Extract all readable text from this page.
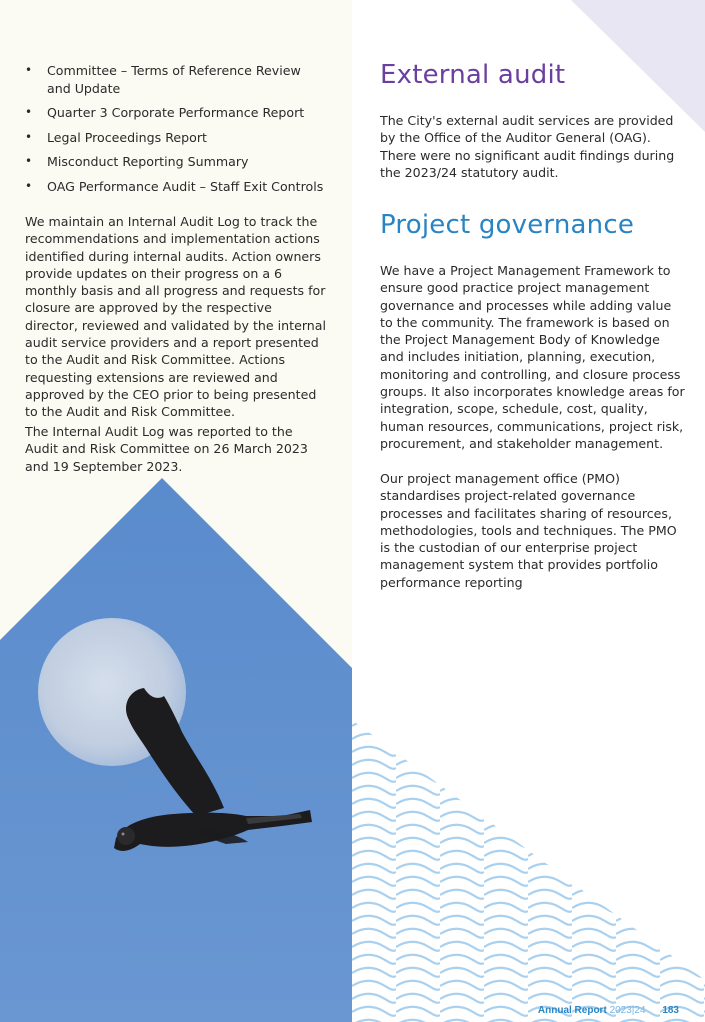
• Committee – Terms of Reference Review and Update
• Quarter 3 Corporate Performance Report
• Legal Proceedings Report
• Misconduct Reporting Summary
• OAG Performance Audit – Staff Exit Controls

We maintain an Internal Audit Log to track the recommendations and implementation actions identified during internal audits. Action owners provide updates on their progress on a 6 monthly basis and all progress and requests for closure are approved by the respective director, reviewed and validated by the internal audit service providers and a report presented to the Audit and Risk Committee. Actions requesting extensions are reviewed and approved by the CEO prior to being presented to the Audit and Risk Committee.

The Internal Audit Log was reported to the Audit and Risk Committee on 26 March 2023 and 19 September 2023.

External audit

The City's external audit services are provided by the Office of the Auditor General (OAG). There were no significant audit findings during the 2023/24 statutory audit.

Project governance

We have a Project Management Framework to ensure good practice project management governance and processes while adding value to the community. The framework is based on the Project Management Body of Knowledge and includes initiation, planning, execution, monitoring and controlling, and closure process groups. It also incorporates knowledge areas for integration, scope, schedule, cost, quality, human resources, communications, project risk, procurement, and stakeholder management.

Our project management office (PMO) standardises project-related governance processes and facilitates sharing of resources, methodologies, tools and techniques. The PMO is the custodian of our enterprise project management system that provides portfolio performance reporting

Annual Report 2023|24 183
